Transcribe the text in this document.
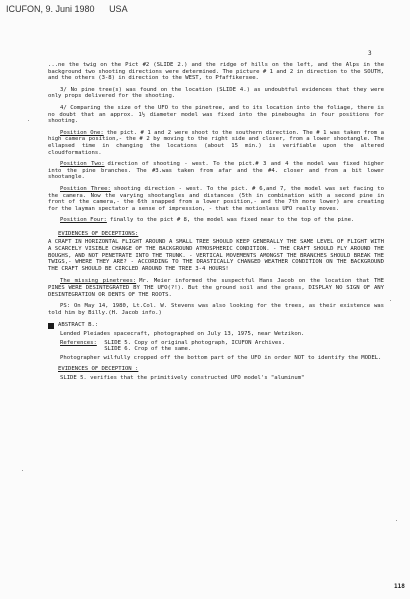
ICUFON, 9. Juni 1980 USA
3

...ne the twig on the Pict #2 (SLIDE 2.) and the ridge of hills on the left, and the Alps in the background two shooting directions were determined. The picture # 1 and 2 in direction to the SOUTH, and the others (3-8) in direction to the WEST, to Pfaffikersee.

3/ No pine tree(s) was found on the location (SLIDE 4.) as undoubtful evidences that they were only props delivered for the shooting.

4/ Comparing the size of the UFO to the pinetree, and to its location into the foliage, there is no doubt that an approx. 1½ diameter model was fixed into the pineboughs in four positions for shooting.

Position One: the pict. # 1 and 2 were shoot to the southern direction. The # 1 was taken from a high camera position,- the # 2 by moving to the right side and closer, from a lower shootangle. The ellapsed time in changing the locations (about 15 min.) is verifiable upon the altered cloudformations.

Position Two: direction of shooting - west. To the pict.# 3 and 4 the model was fixed higher into the pine branches. The #3.was taken from afar and the #4. closer and from a bit lower shootangle.

Position Three: shooting direction - west. To the pict. # 6,and 7, the model was set facing to the camera. Now the varying shootangles and distances (5th in combination with a second pine in front of the camera,- the 6th snapped from a lower position,- and the 7th more lower) are creating for the layman spectator a sense of impression, - that the motionless UFO really moves.

Position Four: finally to the pict # 8, the model was fixed near to the top of the pine.

EVIDENCES OF DECEPTIONS:
A CRAFT IN HORIZONTAL FLIGHT AROUND A SMALL TREE SHOULD KEEP GENERALLY THE SAME LEVEL OF FLIGHT WITH A SCARCELY VISIBLE CHANGE OF THE BACKGROUND ATMOSPHERIC CONDITION. - THE CRAFT SHOULD FLY AROUND THE BOUGHS, AND NOT PENETRATE INTO THE TRUNK. - VERTICAL MOVEMENTS AMONGST THE BRANCHES SHOULD BREAK THE TWIGS,- WHERE THEY ARE? - ACCORDING TO THE DRASTICALLY CHANGED WEATHER CONDITION ON THE BACKGROUND THE CRAFT SHOULD BE CIRCLED AROUND THE TREE 3-4 HOURS!

The missing pinetrees: Mr. Meier informed the suspectful Hans Jacob on the location that THE PINES WERE DESINTEGRATED BY THE UFO(?!). But the ground soil and the grass, DISPLAY NO SIGN OF ANY DESINTEGRATION OR DENTS OF THE ROOTS.

PS: On May 14, 1980, Lt.Col. W. Stevens was also looking for the trees, as their existence was told him by Billy.(H. Jacob info.)

ABSTRACT B.:
Lended Pleiades spacecraft, photographed on July 13, 1975, near Wetzikon.
References: SLIDE 5. Copy of original photograph, ICUFON Archives.
SLIDE 6. Crop of the same.

Photographer wilfully cropped off the bottom part of the UFO in order NOT to identify the MODEL.

EVIDENCES OF DECEPTION :

SLIDE 5. verifies that the primitively constructed UFO model's "aluminum"

118
